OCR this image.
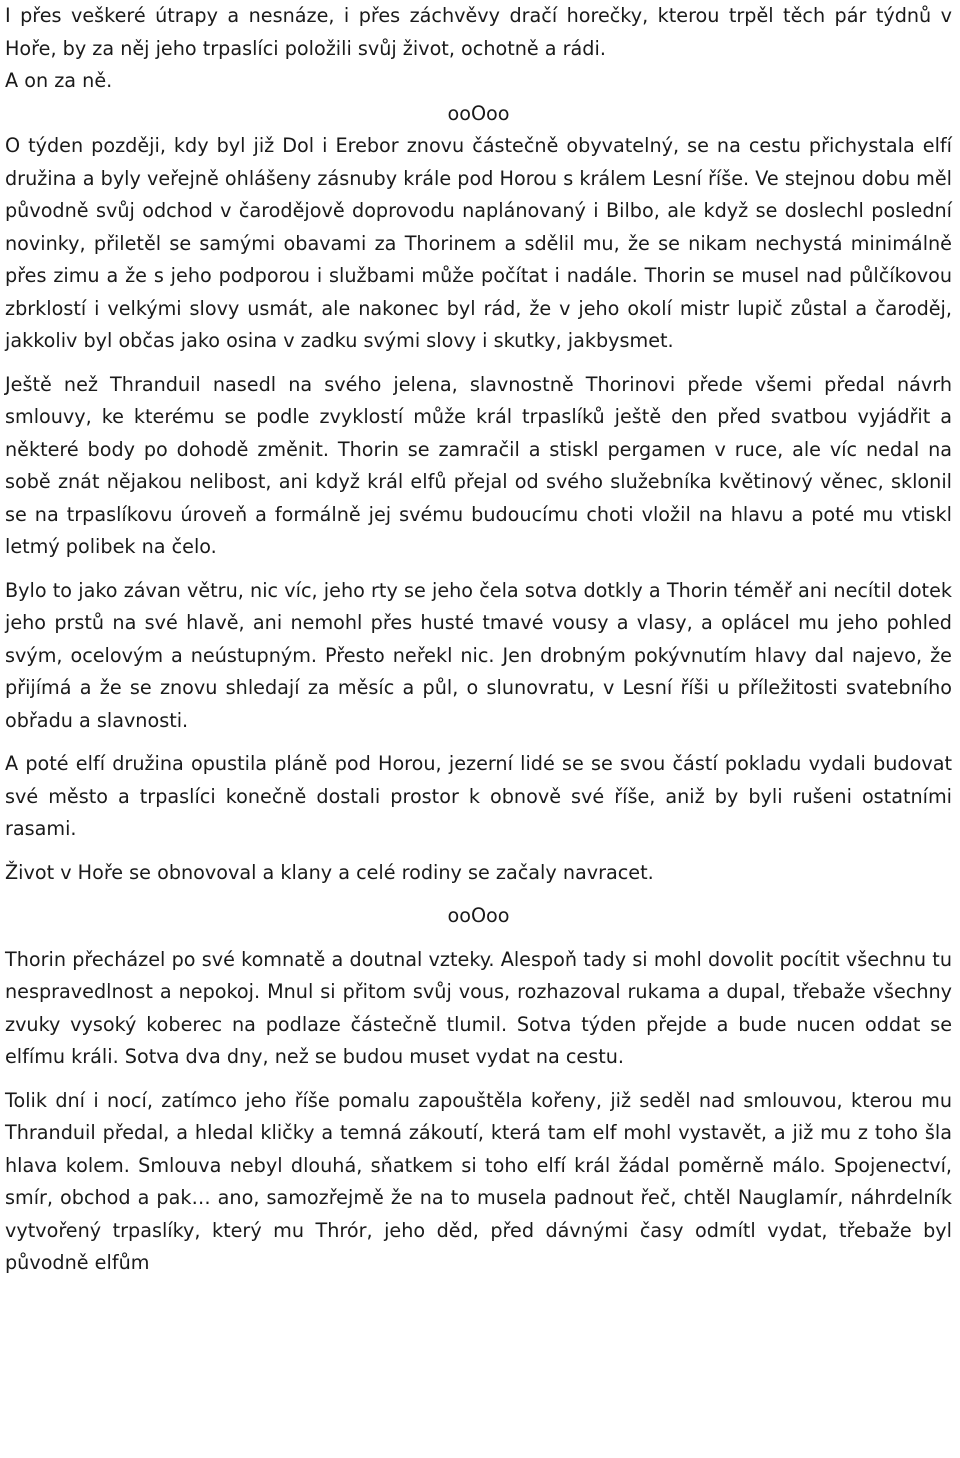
I přes veškeré útrapy a nesnáze, i přes záchvěvy dračí horečky, kterou trpěl těch pár týdnů v Hoře, by za něj jeho trpaslíci položili svůj život, ochotně a rádi.

A on za ně.

ooOoo

O týden později, kdy byl již Dol i Erebor znovu částečně obyvatelný, se na cestu přichystala elfí družina a byly veřejně ohlášeny zásnuby krále pod Horou s králem Lesní říše. Ve stejnou dobu měl původně svůj odchod v čarodějově doprovodu naplánovaný i Bilbo, ale když se doslechl poslední novinky, přiletěl se samými obavami za Thorinem a sdělil mu, že se nikam nechystá minimálně přes zimu a že s jeho podporou i službami může počítat i nadále. Thorin se musel nad půlčíkovou zbrklostí i velkými slovy usmát, ale nakonec byl rád, že v jeho okolí mistr lupič zůstal a čaroděj, jakkoliv byl občas jako osina v zadku svými slovy i skutky, jakbysmet.

Ještě než Thranduil nasedl na svého jelena, slavnostně Thorinovi přede všemi předal návrh smlouvy, ke kterému se podle zvyklostí může král trpaslíků ještě den před svatbou vyjádřit a některé body po dohodě změnit. Thorin se zamračil a stiskl pergamen v ruce, ale víc nedal na sobě znát nějakou nelibost, ani když král elfů přejal od svého služebníka květinový věnec, sklonil se na trpaslíkovu úroveň a formálně jej svému budoucímu choti vložil na hlavu a poté mu vtiskl letmý polibek na čelo.

Bylo to jako závan větru, nic víc, jeho rty se jeho čela sotva dotkly a Thorin téměř ani necítil dotek jeho prstů na své hlavě, ani nemohl přes husté tmavé vousy a vlasy, a oplácel mu jeho pohled svým, ocelovým a neústupným. Přesto neřekl nic. Jen drobným pokývnutím hlavy dal najevo, že přijímá a že se znovu shledají za měsíc a půl, o slunovratu, v Lesní říši u příležitosti svatebního obřadu a slavnosti.

A poté elfí družina opustila pláně pod Horou, jezerní lidé se se svou částí pokladu vydali budovat své město a trpaslíci konečně dostali prostor k obnově své říše, aniž by byli rušeni ostatními rasami.

Život v Hoře se obnovoval a klany a celé rodiny se začaly navracet.

ooOoo

Thorin přecházel po své komnatě a doutnal vzteky. Alespoň tady si mohl dovolit pocítit všechnu tu nespravedlnost a nepokoj. Mnul si přitom svůj vous, rozhazoval rukama a dupal, třebaže všechny zvuky vysoký koberec na podlaze částečně tlumil. Sotva týden přejde a bude nucen oddat se elfímu králi. Sotva dva dny, než se budou muset vydat na cestu.

Tolik dní i nocí, zatímco jeho říše pomalu zapouštěla kořeny, již seděl nad smlouvou, kterou mu Thranduil předal, a hledal kličky a temná zákoutí, která tam elf mohl vystavět, a již mu z toho šla hlava kolem. Smlouva nebyl dlouhá, sňatkem si toho elfí král žádal poměrně málo. Spojenectví, smír, obchod a pak… ano, samozřejmě že na to musela padnout řeč, chtěl Nauglamír, náhrdelník vytvořený trpaslíky, který mu Thrór, jeho děd, před dávnými časy odmítl vydat, třebaže byl původně elfům
